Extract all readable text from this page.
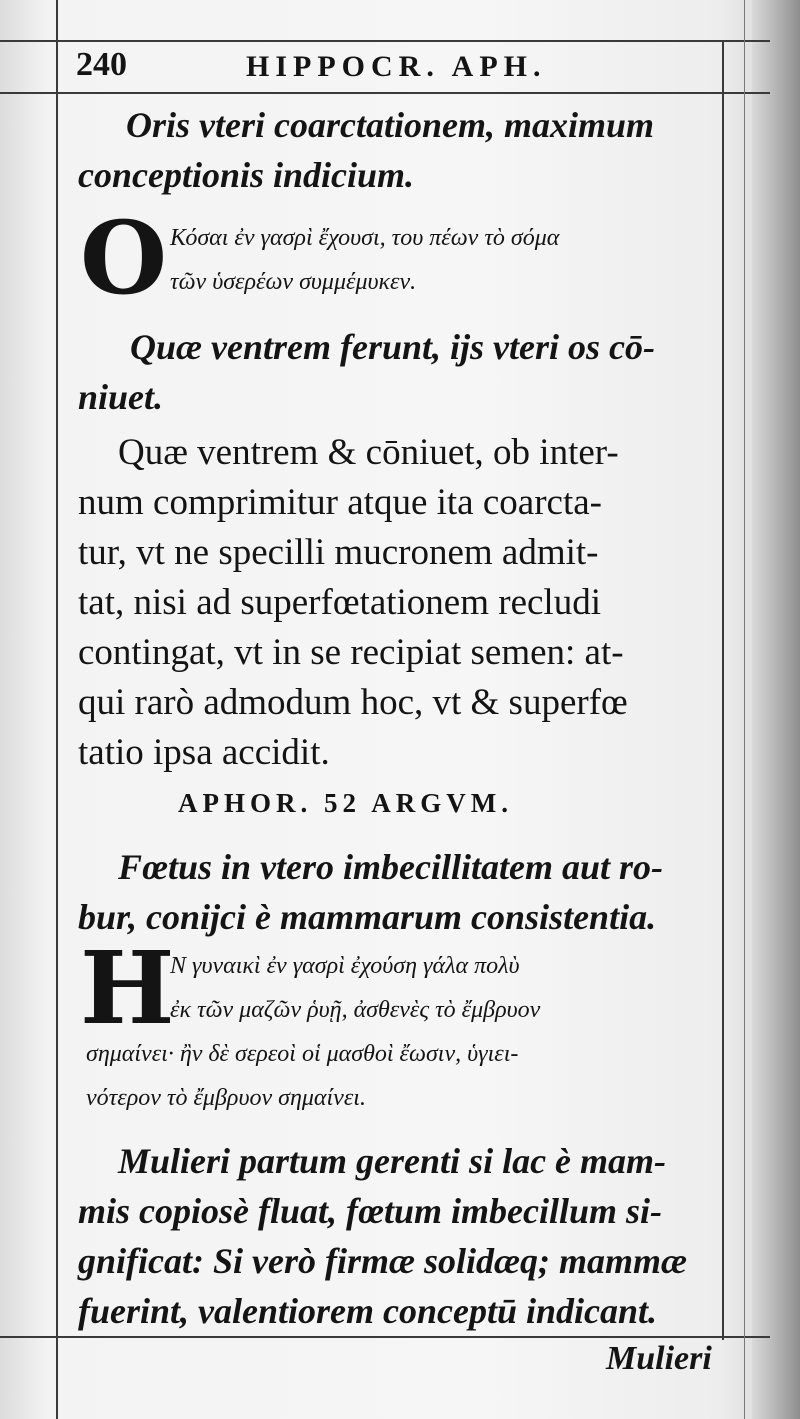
240	HIPPOCR. APH.
Oris vteri coarctationem, maximum
conceptionis indicium.
O Κόσαι ἐν γασρὶ ἔχουσι, του πέων τὸ σόμα
τῶν ὑσερέων συμμέμυκεν.
Quæ ventrem ferunt, ijs vteri os cō-
niuet.
Quæ ventrem & cōniuet, ob inter-
num comprimitur atque ita coarcta-
tur, vt ne specilli mucronem admit-
tat, nisi ad superfœtationem recludi
contingat, vt in se recipiat semen: at-
qui rarò admodum hoc, vt & superfœ
tatio ipsa accidit.
APHOR. 52 ARGVM.
Fœtus in vtero imbecillitatem aut ro-
bur, conijci è mammarum consistentia.
H
Ν γυναικὶ ἐν γασρὶ ἐχούση γάλα πολὺ
ἐκ τῶν μαζῶν ῥυῇ, ἀσθενὲς τὸ ἔμβρυον
σημαίνει· ἢν δὲ σερεοὶ οἱ μασθοὶ ἔωσιν, ὑγιει-
νότερον τὸ ἔμβρυον σημαίνει.
Mulieri partum gerenti si lac è mam-
mis copiosè fluat, fœtum imbecillum si-
gnificat: Si verò firmæ solidæq; mammæ
fuerint, valentiorem conceptū indicant.
Mulieri
